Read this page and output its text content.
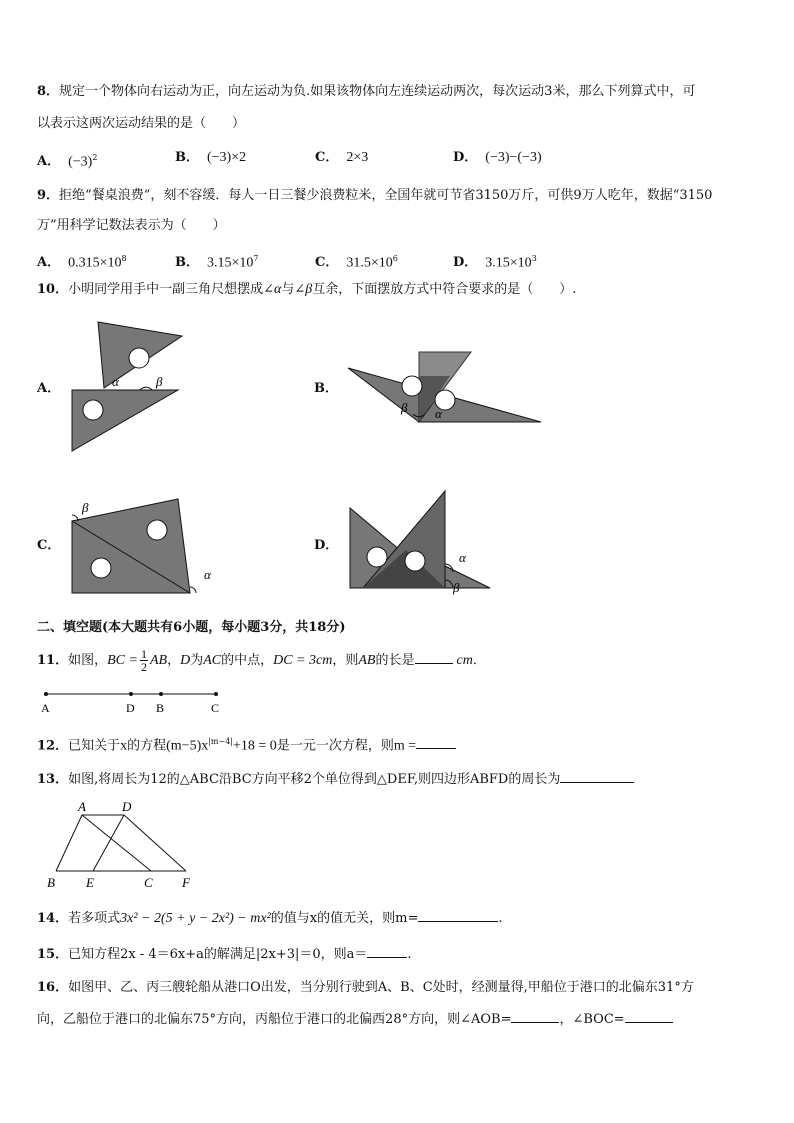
8．规定一个物体向右运动为正，向左运动为负.如果该物体向左连续运动两次，每次运动3米，那么下列算式中，可
以表示这两次运动结果的是（　　）
A． $(-3)^2$	B． (−3)×2	C． 2×3	D． (−3)−(−3)
9．拒绝“餐桌浪费”，刻不容缓．每人一日三餐少浪费粒米，全国年就可节省3150万斤，可供9万人吃年，数据“3150
万”用科学记数法表示为（　　）
A． $0.315\times 10^8$	B． $3.15\times 10^7$	C． $31.5\times 10^6$	D． $3.15\times 10^3$
10．小明同学用手中一副三角尺想摆成∠α与∠β互余，下面摆放方式中符合要求的是（　　）.
A．	B．
C．	D．
α	β
β α
β
α
α
β
二、填空题(本大题共有6小题，每小题3分，共18分)
11．如图，BC = $\frac{1}{2}$ AB，D为AC的中点，DC = 3cm，则AB的长是	cm．
A	D B	C
12．已知关于x的方程$(m-5)x^{|m-4|}+18 = 0$是一元一次方程，则m =
13．如图,将周长为12的△ABC沿BC方向平移2个单位得到△DEF,则四边形ABFD的周长为
A	D
B E	C F
14．若多项式3x² − 2(5 + y − 2x²) − mx²的值与x的值无关，则m=	.
15．已知方程2x - 4＝6x+a的解满足|2x+3|＝0，则a＝	.
16．如图甲、乙、丙三艘轮船从港口O出发，当分别行驶到A、B、C处时，经测量得,甲船位于港口的北偏东31°方
向，乙船位于港口的北偏东75°方向，丙船位于港口的北偏西28°方向，则∠AOB=	，∠BOC=
